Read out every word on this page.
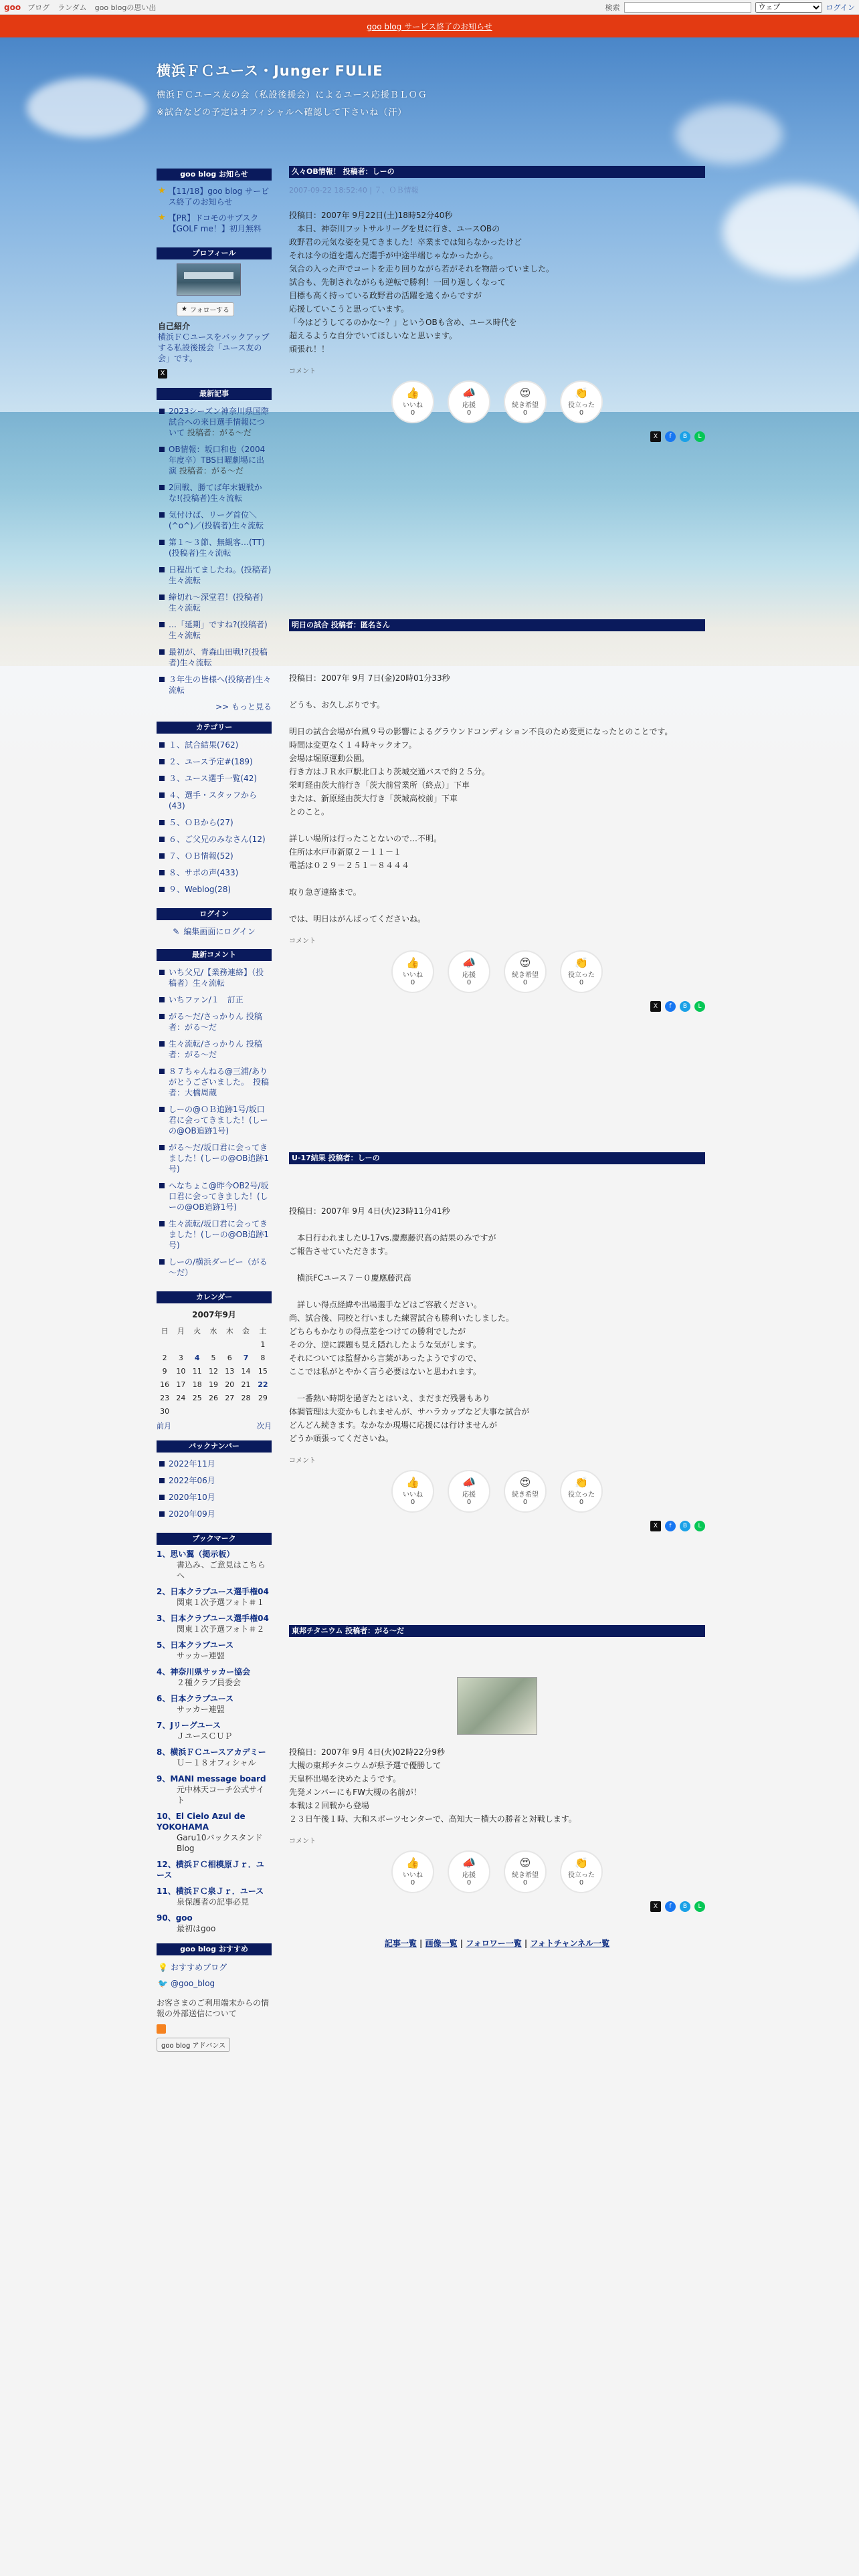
goo ブログ ランダム goo blogの思い出	検索
ウェブ	ログイン
goo blog サービス終了のお知らせ
横浜ＦＣユース・Junger FULIE
横浜ＦＣユース友の会（私設後援会）によるユース応援ＢＬＯＧ
※試合などの予定はオフィシャルへ確認して下さいね（汗）
goo blog お知らせ
★ 【11/18】goo blog サービス終了のお知らせ
★ 【PR】ドコモのサブスク【GOLF me！】初月無料
プロフィール
★ フォローする
自己紹介
横浜ＦＣユースをバックアップする私設後援会「ユース友の会」です。
X
最新記事
2023シーズン神奈川県国際試合への来日選手情報について 投稿者：がる～だ
OB情報：坂口和也（2004年度卒）TBS日曜劇場に出演 投稿者：がる～だ
2回戦、勝てば年末観戦かな!(投稿者)生々流転
気付けば、リーグ首位＼(^o^)／(投稿者)生々流転
第１～３節、無観客…(TT)(投稿者)生々流転
日程出てましたね。(投稿者)生々流転
締切れ～深堂君！(投稿者)生々流転
…「延期」ですね?(投稿者)生々流転
最初が、青森山田戦!?(投稿者)生々流転
３年生の皆様へ(投稿者)生々流転
>> もっと見る
カテゴリー
１、試合結果(762)
２、ユース予定#(189)
３、ユース選手一覧(42)
４、選手・スタッフから(43)
５、ＯＢから(27)
６、ご父兄のみなさん(12)
７、ＯＢ情報(52)
８、サポの声(433)
９、Weblog(28)
ログイン
✎ 編集画面にログイン
最新コメント
いち父兄/【業務連絡】（投稿者）生々流転
いちファン/１　訂正
がる～だ/さっかりん 投稿者：がる～だ
生々流転/さっかりん 投稿者：がる～だ
８７ちゃんねる@三浦/ありがとうございました。　投稿者：大橋周蔵
しーの@ＯＢ追跡1号/坂口君に会ってきました！(しーの@OB追跡1号)
がる～だ/坂口君に会ってきました！(しーの@OB追跡1号)
へなちょこ@昨今OB2号/坂口君に会ってきました！(しーの@OB追跡1号)
生々流転/坂口君に会ってきました！(しーの@OB追跡1号)
しーの/横浜ダービー（がる～だ）
カレンダー
2007年9月
日	月	火	水	木	金	土
						1
2	3	4	5	6	7	8
9	10	11	12	13	14	15
16	17	18	19	20	21	22
23	24	25	26	27	28	29
30						
前月	次月
バックナンバー
2022年11月
2022年06月
2020年10月
2020年09月
ブックマーク
1、思い翼（掲示板）
書込み、ご意見はこちらへ
2、日本クラブユース選手権04
関東１次予選フォト＃１
3、日本クラブユース選手権04
関東１次予選フォト＃２
5、日本クラブユース
サッカー連盟
4、神奈川県サッカー協会
２種クラブ員委会
6、日本クラブユース
サッカー連盟
7、Jリーグユース
ＪユースＣＵＰ
8、横浜ＦＣユースアカデミー
Ｕ－１８オフィシャル
9、MANI message board
元中林天コーチ公式サイト
10、El Cielo Azul de YOKOHAMA
Garu10バックスタンドBlog
12、横浜ＦＣ相模原Ｊｒ．ユース
11、横浜ＦＣ泉Ｊｒ．ユース
泉保護者の記事必見
90、goo
最初はgoo
goo blog おすすめ
💡 おすすめブログ
🐦 @goo_blog
お客さまのご利用端末からの情報の外部送信について
goo blog アドバンス
久々OB情報！ 投稿者：しーの
2007-09-22 18:52:40 | ７、ＯＢ情報
投稿日：2007年 9月22日(土)18時52分40秒
　本日、神奈川フットサルリーグを見に行き、ユースOBの
政野君の元気な姿を見てきました！卒業までは知らなかったけど
それは今の道を選んだ選手が中途半端じゃなかったから。
気合の入った声でコートを走り回りながら若がそれを物語っていました。
試合も、先制されながらも逆転で勝利！一回り逞しくなって
目標も高く持っている政野君の活躍を遠くからですが
応援していこうと思っています。
「今はどうしてるのかな～？」というOBも含め、ユース時代を
超えるような自分でいてほしいなと思います。
頑張れ！！
コメント
👍
いいね
0
📣
応援
0
😍
続き希望
0
👏
役立った
0
X	f	B	L
明日の試合 投稿者：匿名さん
投稿日：2007年 9月 7日(金)20時01分33秒

どうも、お久しぶりです。

明日の試合会場が台風９号の影響によるグラウンドコンディション不良のため変更になったとのことです。
時間は変更なく１４時キックオフ。
会場は堀原運動公園。
行き方はＪＲ水戸駅北口より茨城交通バスで約２５分。
栄町経由茨大前行き「茨大前営業所（終点）」下車
または、新原経由茨大行き「茨城高校前」下車
とのこと。

詳しい場所は行ったことないので…不明。
住所は水戸市新原２－１１－１
電話は０２９－２５１－８４４４

取り急ぎ連絡まで。

では、明日はがんばってくださいね。
コメント
👍
いいね
0
📣
応援
0
😍
続き希望
0
👏
役立った
0
X	f	B	L
U-17結果 投稿者：しーの
投稿日：2007年 9月 4日(火)23時11分41秒

　本日行われましたU-17vs.慶應藤沢高の結果のみですが
ご報告させていただきます。

　横浜FCユース７－０慶應藤沢高

　詳しい得点経緯や出場選手などはご容赦ください。
尚、試合後、同校と行いました練習試合も勝利いたしました。
どちらもかなりの得点差をつけての勝利でしたが
その分、逆に課題も見え隠れしたような気がします。
それについては監督から言葉があったようですので、
ここでは私がとやかく言う必要はないと思われます。

　一番熱い時期を過ぎたとはいえ、まだまだ残暑もあり
体調管理は大変かもしれませんが、サハラカップなど大事な試合が
どんどん続きます。なかなか現場に応援には行けませんが
どうか頑張ってくださいね。
コメント
👍
いいね
0
📣
応援
0
😍
続き希望
0
👏
役立った
0
X	f	B	L
東邦チタニウム 投稿者：がる～だ
投稿日：2007年 9月 4日(火)02時22分9秒
大槻の東邦チタニウムが県予選で優勝して
天皇杯出場を決めたようです。
先発メンバーにもFW大槻の名前が！
本戦は２回戦から登場
２３日午後１時、大和スポーツセンターで、高知大－横大の勝者と対戦します。
コメント
👍
いいね
0
📣
応援
0
😍
続き希望
0
👏
役立った
0
X	f	B	L
記事一覧 | 画像一覧 | フォロワー一覧 | フォトチャンネル一覧
